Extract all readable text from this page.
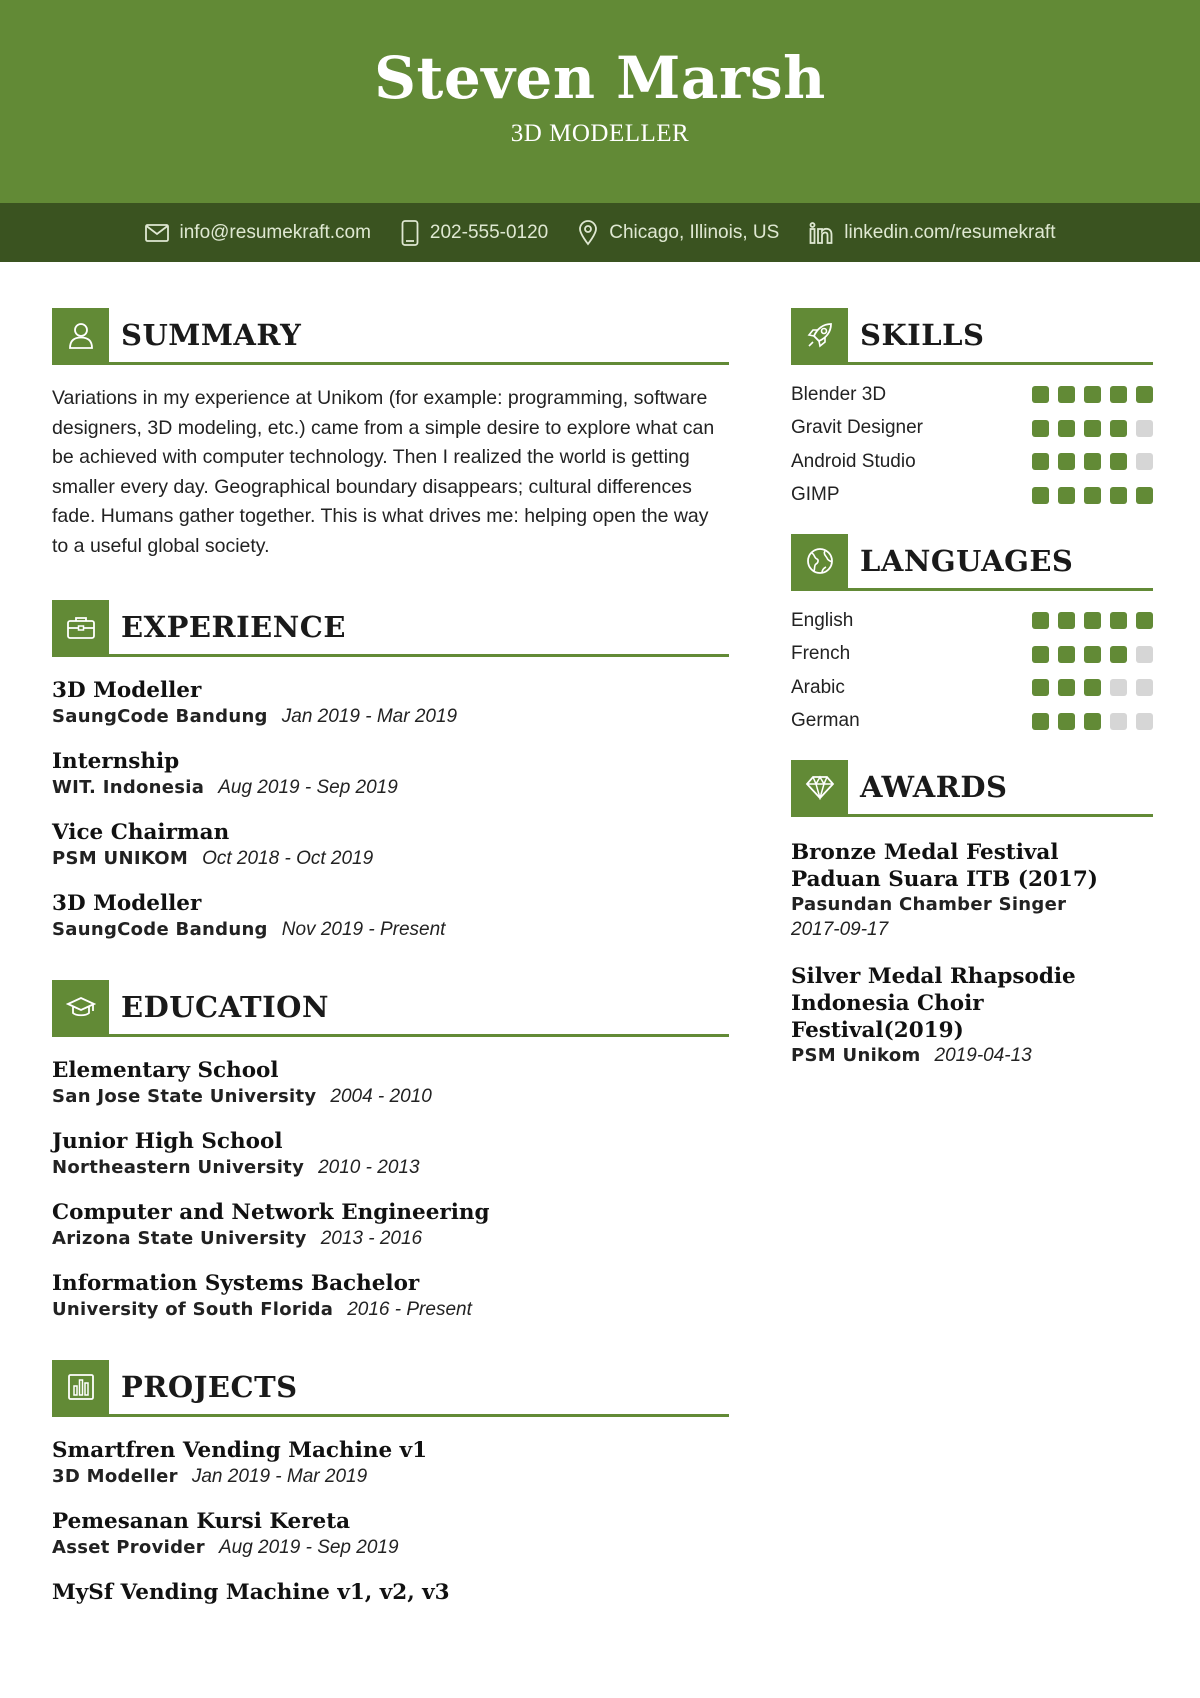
Steven Marsh
3D MODELLER
info@resumekraft.com	202-555-0120	Chicago, Illinois, US	linkedin.com/resumekraft
SUMMARY
Variations in my experience at Unikom (for example: programming, software designers, 3D modeling, etc.) came from a simple desire to explore what can be achieved with computer technology. Then I realized the world is getting smaller every day. Geographical boundary disappears; cultural differences fade. Humans gather together. This is what drives me: helping open the way to a useful global society.
EXPERIENCE
3D Modeller
SaungCode Bandung Jan 2019 - Mar 2019
Internship
WIT. Indonesia Aug 2019 - Sep 2019
Vice Chairman
PSM UNIKOM Oct 2018 - Oct 2019
3D Modeller
SaungCode Bandung Nov 2019 - Present
EDUCATION
Elementary School
San Jose State University 2004 - 2010
Junior High School
Northeastern University 2010 - 2013
Computer and Network Engineering
Arizona State University 2013 - 2016
Information Systems Bachelor
University of South Florida 2016 - Present
PROJECTS
Smartfren Vending Machine v1
3D Modeller Jan 2019 - Mar 2019
Pemesanan Kursi Kereta
Asset Provider Aug 2019 - Sep 2019
MySf Vending Machine v1, v2, v3
SKILLS
Blender 3D
Gravit Designer
Android Studio
GIMP
LANGUAGES
English
French
Arabic
German
AWARDS
Bronze Medal Festival Paduan Suara ITB (2017)
Pasundan Chamber Singer
2017-09-17
Silver Medal Rhapsodie Indonesia Choir Festival(2019)
PSM Unikom 2019-04-13
